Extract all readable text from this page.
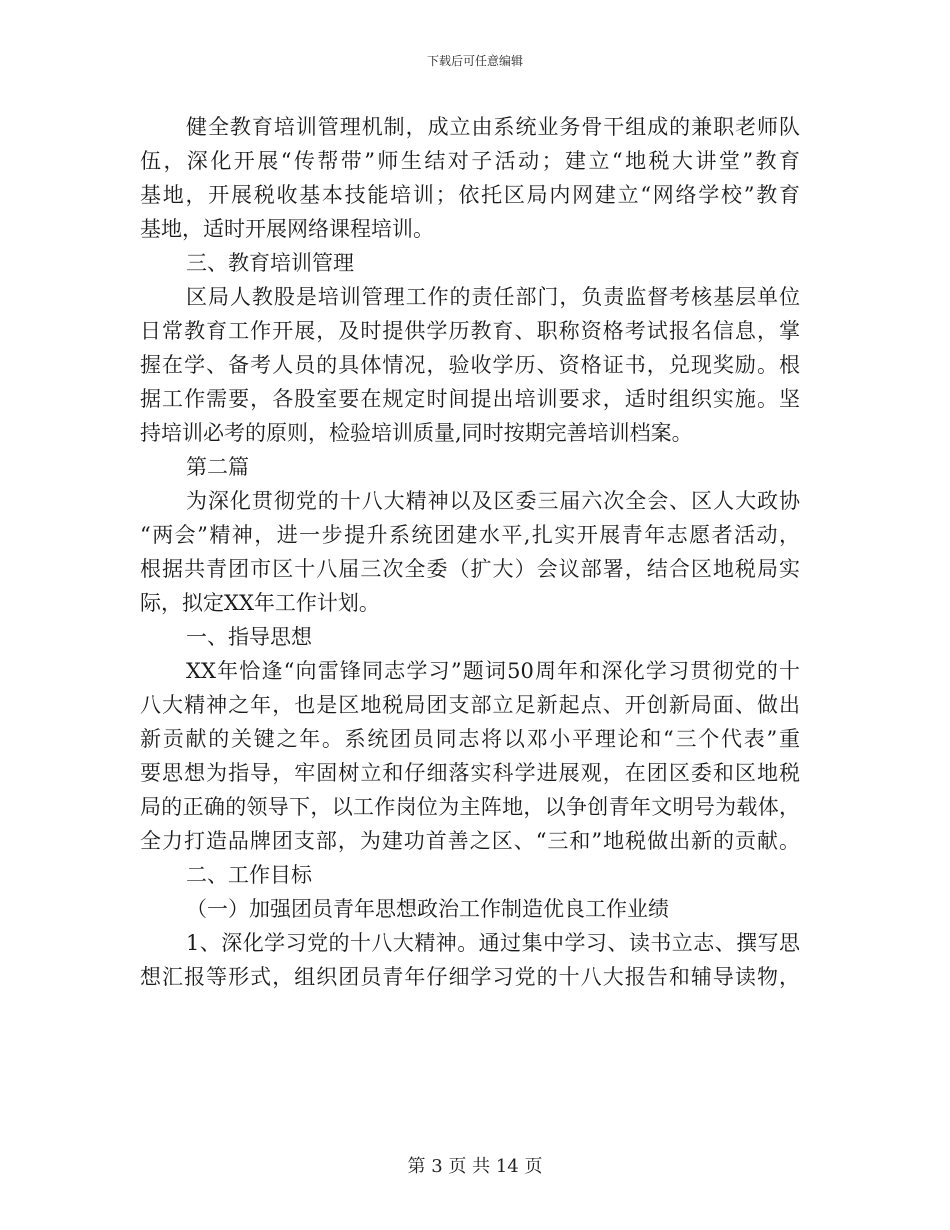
下载后可任意编辑
健全教育培训管理机制，成立由系统业务骨干组成的兼职老师队
伍，深化开展“传帮带”师生结对子活动；建立“地税大讲堂”教育
基地，开展税收基本技能培训；依托区局内网建立“网络学校”教育
基地，适时开展网络课程培训。
三、教育培训管理
区局人教股是培训管理工作的责任部门，负责监督考核基层单位
日常教育工作开展，及时提供学历教育、职称资格考试报名信息，掌
握在学、备考人员的具体情况，验收学历、资格证书，兑现奖励。根
据工作需要，各股室要在规定时间提出培训要求，适时组织实施。坚
持培训必考的原则，检验培训质量,同时按期完善培训档案。
第二篇
为深化贯彻党的十八大精神以及区委三届六次全会、区人大政协
“两会”精神，进一步提升系统团建水平,扎实开展青年志愿者活动，
根据共青团市区十八届三次全委（扩大）会议部署，结合区地税局实
际，拟定XX年工作计划。
一、指导思想
XX年恰逢“向雷锋同志学习”题词50周年和深化学习贯彻党的十
八大精神之年，也是区地税局团支部立足新起点、开创新局面、做出
新贡献的关键之年。系统团员同志将以邓小平理论和“三个代表”重
要思想为指导，牢固树立和仔细落实科学进展观，在团区委和区地税
局的正确的领导下，以工作岗位为主阵地，以争创青年文明号为载体，
全力打造品牌团支部，为建功首善之区、“三和”地税做出新的贡献。
二、工作目标
（一）加强团员青年思想政治工作制造优良工作业绩
1、深化学习党的十八大精神。通过集中学习、读书立志、撰写思
想汇报等形式，组织团员青年仔细学习党的十八大报告和辅导读物，
第 3 页 共 14 页
